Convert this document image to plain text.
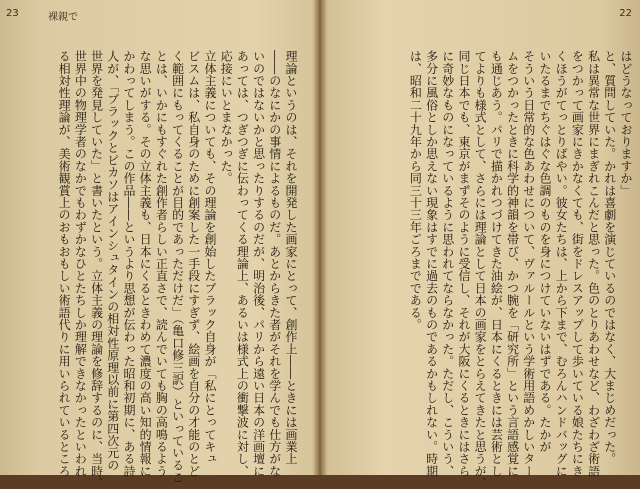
23	裸親で
理論というのは、それを開発した画家にとって、創作上――ときには画業上
――のなにかの事情によるものだ。あとからきた者がそれを学んでも仕方がな
いのではないかと思ったりするのだが、明治後、パリから遠い日本の洋画壇に
あっては、つぎつぎに伝わってくる理論上、あるいは様式上の衝撃波に対し、
応接にいとまなかった。
立体主義についても、その理論を創始したブラック自身が「私にとってキュ
ビスムは、私自身のために創案した一手段にすぎず、絵画を自分の才能のとど
く範囲にもってくることが目的であっただけだ」（亀口修三訳）といっているこ
とは、いかにもすぐれた創作者らしい正直さで、読んでいても胸の高鳴るよう
な思いがする。その立体主義も、日本にくるときわめて濃度の高い知的情報に
かわってしまう。この作品――というより思想が伝わった昭和初期に、ある詩
人が、「ブラックとピカソはアインシュタインの相対性原理以前に第四次元の
世界を発見していた」と書いたという。立体主義の理論を修辞するのに、当時、
世界中の物理学者のなかでもわずかなひとたちしか理解できなかったといわれ
る相対性理論が、美術観賞上のおもおもしい術語代りに用いられているところ
22
はどうなっておりますか」
と、質問していた。かれは喜劇を演じているのではなく、大まじめだった。
私は異常な世界にまぎれこんだと思った。色のとりあわせなど、わざわざ術語
をつかって画家にきかなくても、街をドレスアップして歩いている娘たちにき
くほうがてっとりばやい。彼女たちは、上から下まで、むろんハンドバッグに
いたるまでちぐはぐな色調のものを身につけていないはずである。たかが
そういう日常的な色あわせについて、ヴァルールという学術用語めかしいター
ムをつかったときに科学的神韻を帯び、かつ腕を「研究所」という言語感覚に
も通じあう。パリで描かれつづけてきた油絵が、日本にくるときには芸術とし
てよりも様式として、さらには理論として日本の画家をとらえてきたと思うが、
同じ日本でも、東京がまずそのように受信し、それが大阪にくるときにはさら
に奇妙なものになっているように思われてならなかった。ただし、こういう、
多分に風俗としか思えない現象はすでに過去のものであるかもしれない。時期
は、昭和二十九年から同三十三年ごろまでである。
